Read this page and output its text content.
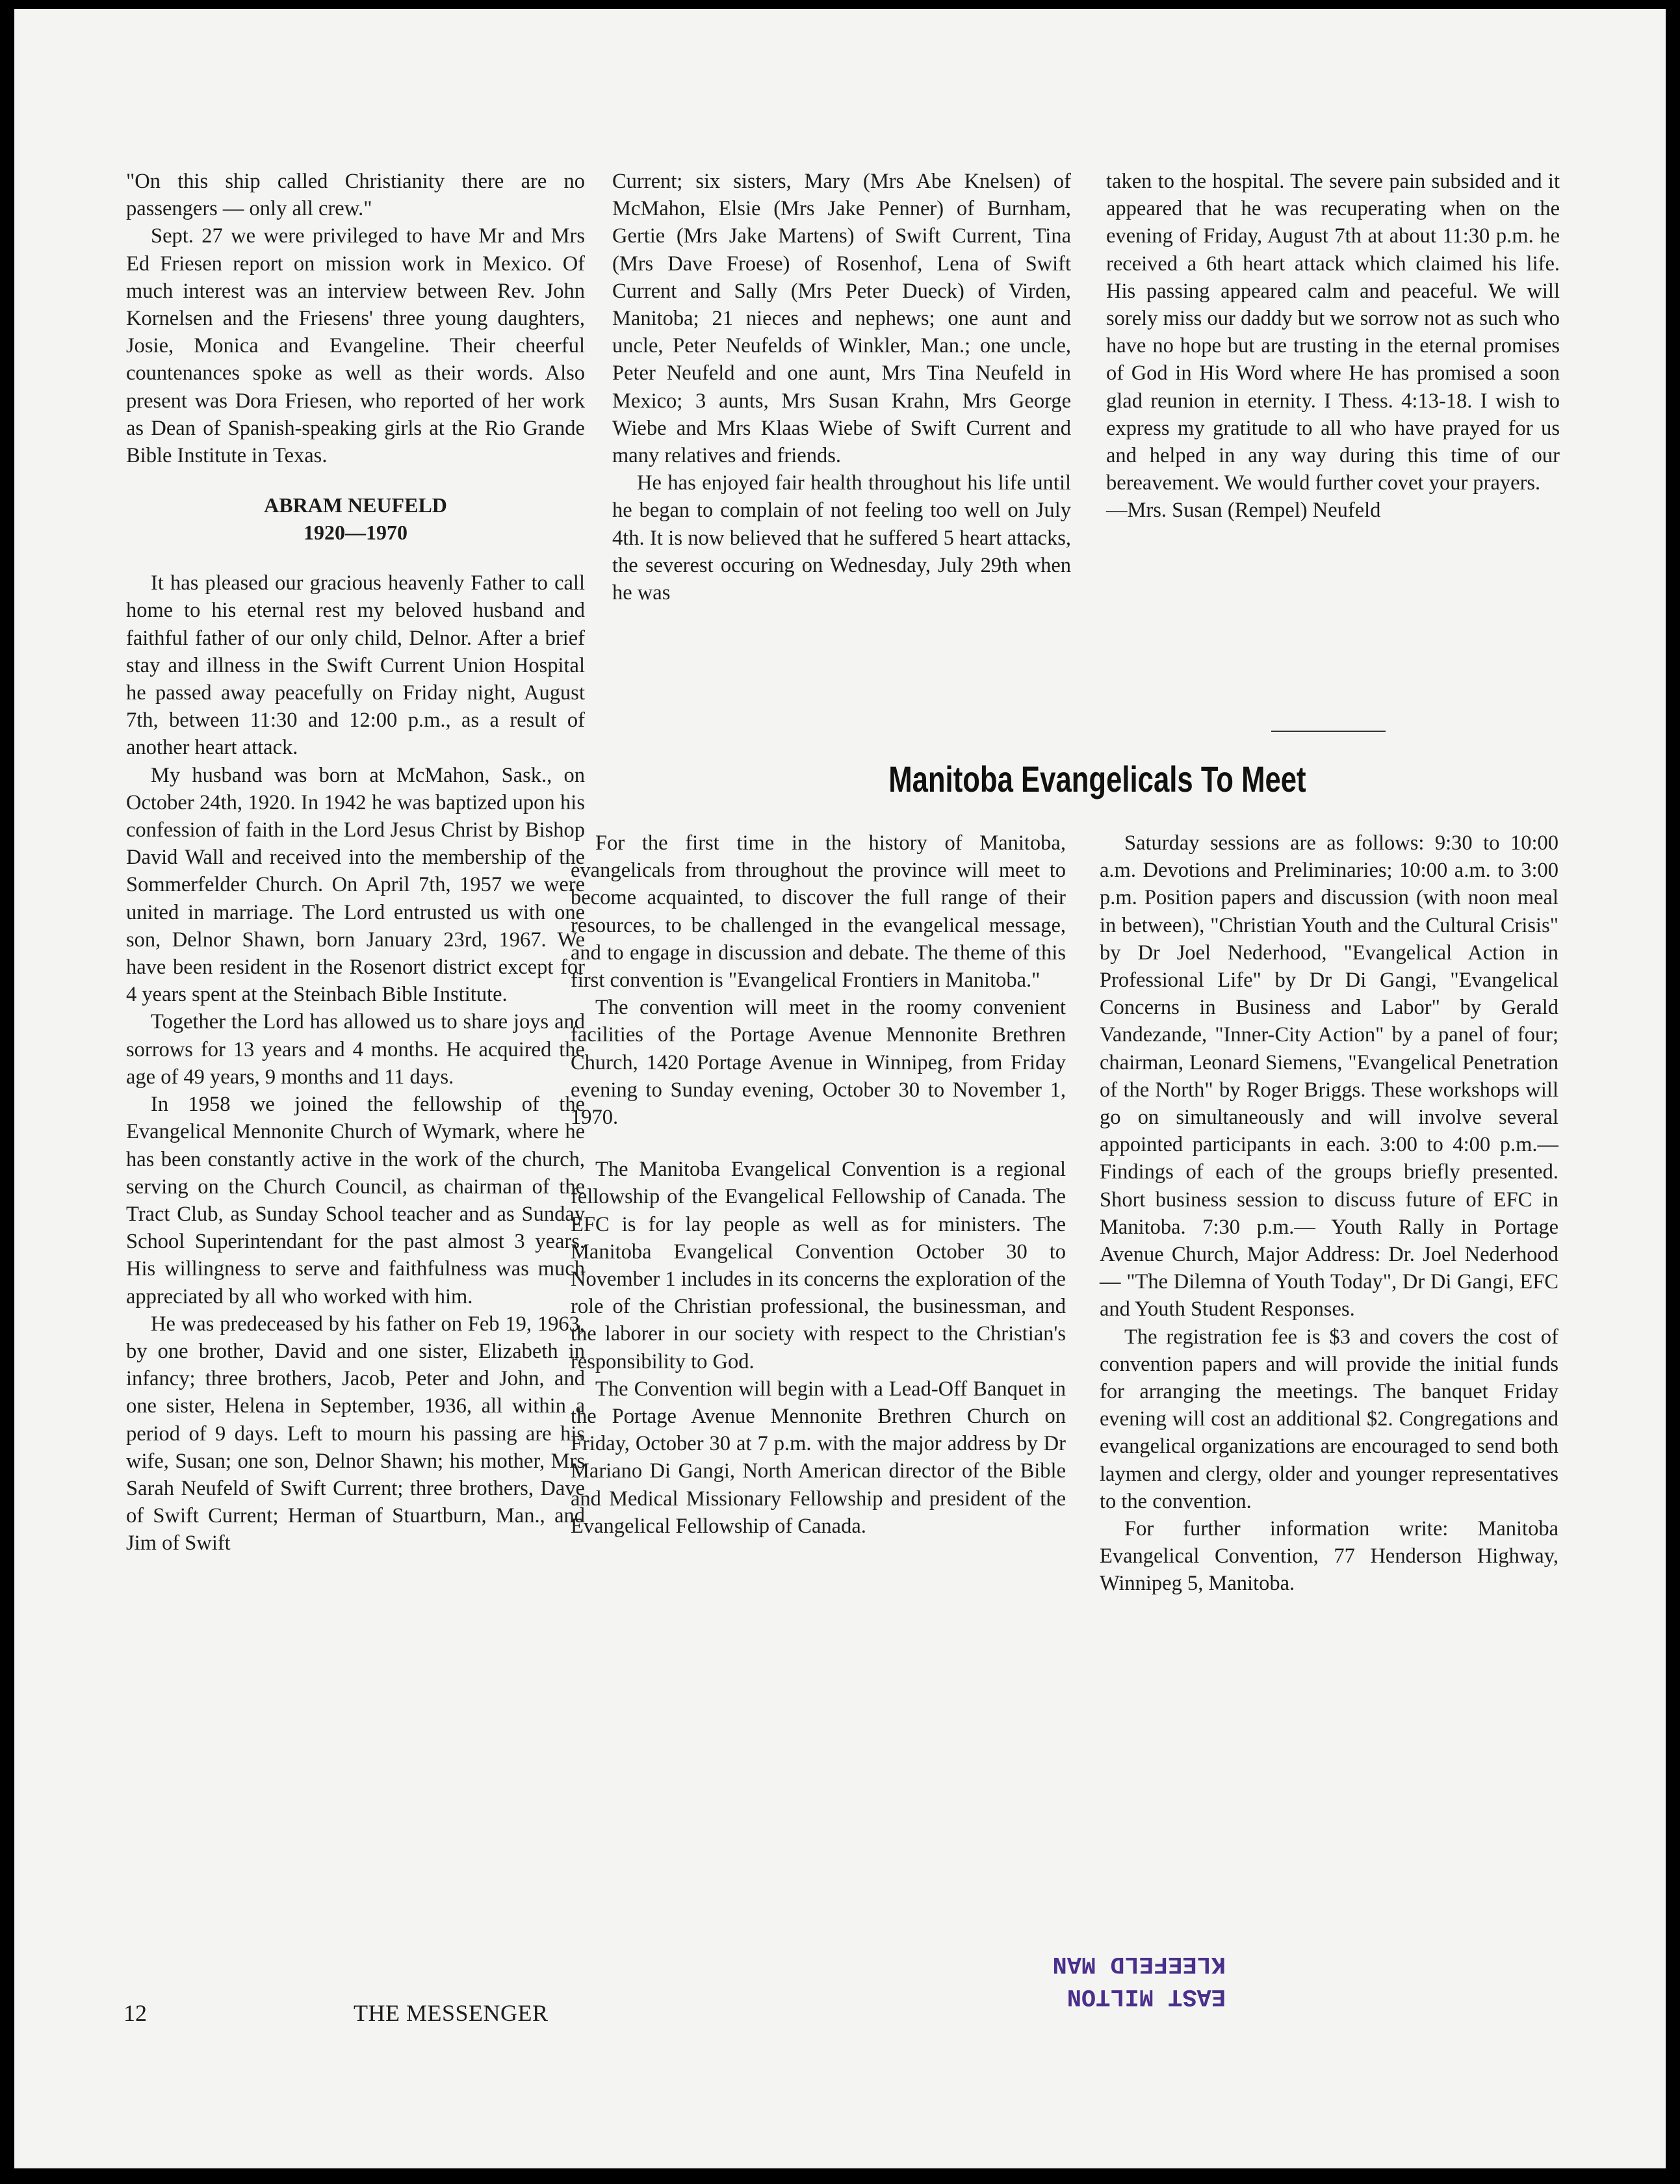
"On this ship called Christianity there are no passengers — only all crew."

Sept. 27 we were privileged to have Mr and Mrs Ed Friesen report on mission work in Mexico. Of much interest was an interview between Rev. John Kornelsen and the Friesens' three young daughters, Josie, Monica and Evangeline. Their cheerful countenances spoke as well as their words. Also present was Dora Friesen, who reported of her work as Dean of Spanish-speaking girls at the Rio Grande Bible Institute in Texas.

ABRAM NEUFELD
1920—1970

It has pleased our gracious heavenly Father to call home to his eternal rest my beloved husband and faithful father of our only child, Delnor. After a brief stay and illness in the Swift Current Union Hospital he passed away peacefully on Friday night, August 7th, between 11:30 and 12:00 p.m., as a result of another heart attack.

My husband was born at McMahon, Sask., on October 24th, 1920. In 1942 he was baptized upon his confession of faith in the Lord Jesus Christ by Bishop David Wall and received into the membership of the Sommerfelder Church. On April 7th, 1957 we were united in marriage. The Lord entrusted us with one son, Delnor Shawn, born January 23rd, 1967. We have been resident in the Rosenort district except for 4 years spent at the Steinbach Bible Institute.

Together the Lord has allowed us to share joys and sorrows for 13 years and 4 months. He acquired the age of 49 years, 9 months and 11 days.

In 1958 we joined the fellowship of the Evangelical Mennonite Church of Wymark, where he has been constantly active in the work of the church, serving on the Church Council, as chairman of the Tract Club, as Sunday School teacher and as Sunday School Superintendant for the past almost 3 years. His willingness to serve and faithfulness was much appreciated by all who worked with him.

He was predeceased by his father on Feb 19, 1963, by one brother, David and one sister, Elizabeth in infancy; three brothers, Jacob, Peter and John, and one sister, Helena in September, 1936, all within a period of 9 days. Left to mourn his passing are his wife, Susan; one son, Delnor Shawn; his mother, Mrs Sarah Neufeld of Swift Current; three brothers, Dave of Swift Current; Herman of Stuartburn, Man., and Jim of Swift

Current; six sisters, Mary (Mrs Abe Knelsen) of McMahon, Elsie (Mrs Jake Penner) of Burnham, Gertie (Mrs Jake Martens) of Swift Current, Tina (Mrs Dave Froese) of Rosenhof, Lena of Swift Current and Sally (Mrs Peter Dueck) of Virden, Manitoba; 21 nieces and nephews; one aunt and uncle, Peter Neufelds of Winkler, Man.; one uncle, Peter Neufeld and one aunt, Mrs Tina Neufeld in Mexico; 3 aunts, Mrs Susan Krahn, Mrs George Wiebe and Mrs Klaas Wiebe of Swift Current and many relatives and friends.

He has enjoyed fair health throughout his life until he began to complain of not feeling too well on July 4th. It is now believed that he suffered 5 heart attacks, the severest occuring on Wednesday, July 29th when he was

taken to the hospital. The severe pain subsided and it appeared that he was recuperating when on the evening of Friday, August 7th at about 11:30 p.m. he received a 6th heart attack which claimed his life. His passing appeared calm and peaceful. We will sorely miss our daddy but we sorrow not as such who have no hope but are trusting in the eternal promises of God in His Word where He has promised a soon glad reunion in eternity. I Thess. 4:13-18. I wish to express my gratitude to all who have prayed for us and helped in any way during this time of our bereavement. We would further covet your prayers.

—Mrs. Susan (Rempel) Neufeld

Manitoba Evangelicals To Meet

For the first time in the history of Manitoba, evangelicals from throughout the province will meet to become acquainted, to discover the full range of their resources, to be challenged in the evangelical message, and to engage in discussion and debate. The theme of this first convention is "Evangelical Frontiers in Manitoba."

The convention will meet in the roomy convenient facilities of the Portage Avenue Mennonite Brethren Church, 1420 Portage Avenue in Winnipeg, from Friday evening to Sunday evening, October 30 to November 1, 1970.

The Manitoba Evangelical Convention is a regional fellowship of the Evangelical Fellowship of Canada. The EFC is for lay people as well as for ministers. The Manitoba Evangelical Convention October 30 to November 1 includes in its concerns the exploration of the role of the Christian professional, the businessman, and the laborer in our society with respect to the Christian's responsibility to God.

The Convention will begin with a Lead-Off Banquet in the Portage Avenue Mennonite Brethren Church on Friday, October 30 at 7 p.m. with the major address by Dr Mariano Di Gangi, North American director of the Bible and Medical Missionary Fellowship and president of the Evangelical Fellowship of Canada.

Saturday sessions are as follows: 9:30 to 10:00 a.m. Devotions and Preliminaries; 10:00 a.m. to 3:00 p.m. Position papers and discussion (with noon meal in between), "Christian Youth and the Cultural Crisis" by Dr Joel Nederhood, "Evangelical Action in Professional Life" by Dr Di Gangi, "Evangelical Concerns in Business and Labor" by Gerald Vandezande, "Inner-City Action" by a panel of four; chairman, Leonard Siemens, "Evangelical Penetration of the North" by Roger Briggs. These workshops will go on simultaneously and will involve several appointed participants in each. 3:00 to 4:00 p.m.— Findings of each of the groups briefly presented. Short business session to discuss future of EFC in Manitoba. 7:30 p.m.— Youth Rally in Portage Avenue Church, Major Address: Dr. Joel Nederhood— "The Dilemna of Youth Today", Dr Di Gangi, EFC and Youth Student Responses.

The registration fee is $3 and covers the cost of convention papers and will provide the initial funds for arranging the meetings. The banquet Friday evening will cost an additional $2. Congregations and evangelical organizations are encouraged to send both laymen and clergy, older and younger representatives to the convention.

For further information write: Manitoba Evangelical Convention, 77 Henderson Highway, Winnipeg 5, Manitoba.

12	THE MESSENGER
EAST MILTON
KLEEFELD MAN
